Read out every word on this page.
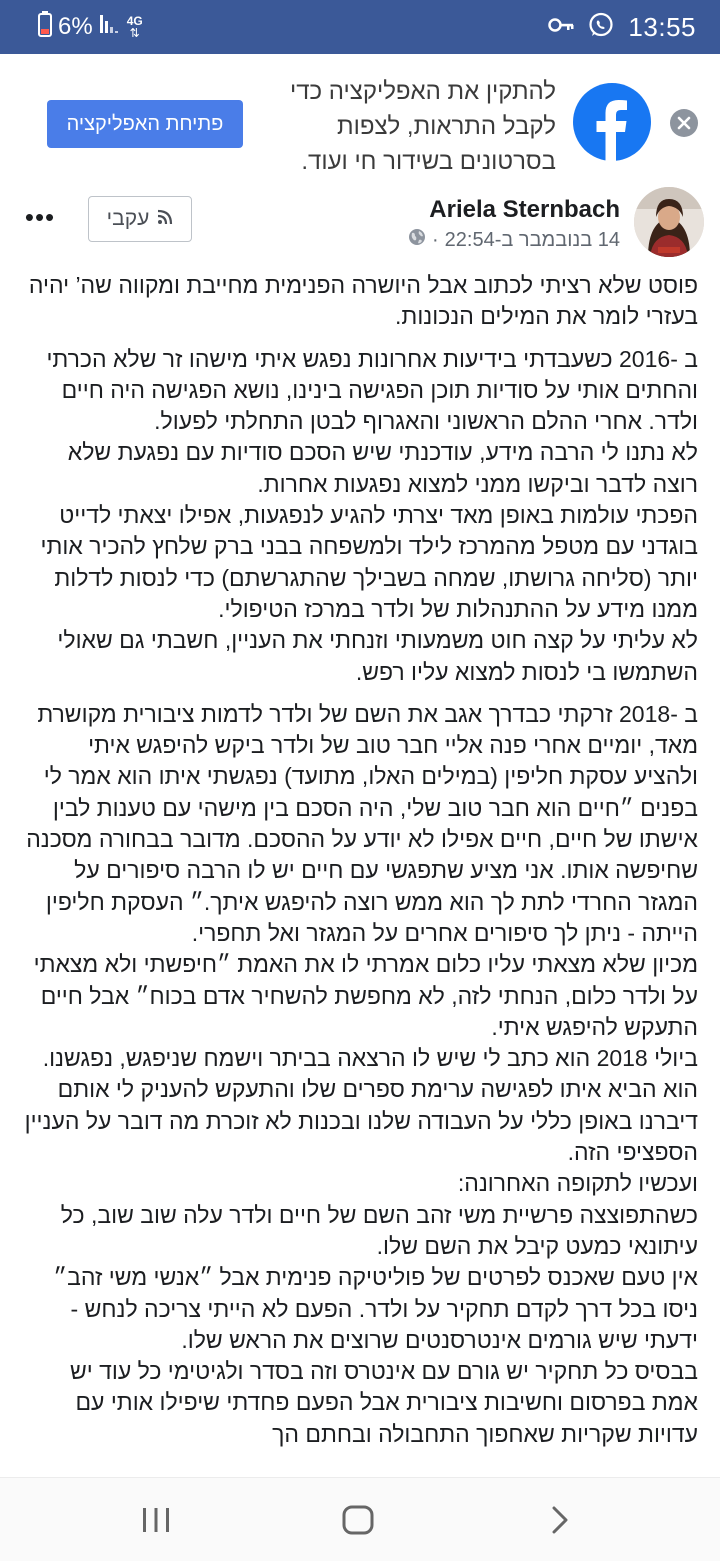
6%	4G
⇅	13:55
פתיחת האפליקציה
להתקין את האפליקציה כדי לקבל התראות, לצפות בסרטונים בשידור חי ועוד.
Ariela Sternbach
14 בנובמבר ב-22:54
·
עקבי
•••

פוסט שלא רציתי לכתוב אבל היושרה הפנימית מחייבת ומקווה שה’ יהיה בעזרי לומר את המילים הנכונות.

ב -2016 כשעבדתי בידיעות אחרונות נפגש איתי מישהו זר שלא הכרתי והחתים אותי על סודיות תוכן הפגישה בינינו, נושא הפגישה היה חיים ולדר. אחרי ההלם הראשוני והאגרוף לבטן התחלתי לפעול.

לא נתנו לי הרבה מידע, עודכנתי שיש הסכם סודיות עם נפגעת שלא רוצה לדבר וביקשו ממני למצוא נפגעות אחרות.

הפכתי עולמות באופן מאד יצרתי להגיע לנפגעות, אפילו יצאתי לדייט בוגדני עם מטפל מהמרכז לילד ולמשפחה בבני ברק שלחץ להכיר אותי יותר (סליחה גרושתו, שמחה בשבילך שהתגרשתם) כדי לנסות לדלות ממנו מידע על ההתנהלות של ולדר במרכז הטיפולי.

לא עליתי על קצה חוט משמעותי וזנחתי את העניין, חשבתי גם שאולי השתמשו בי לנסות למצוא עליו רפש.

ב -2018 זרקתי כבדרך אגב את השם של ולדר לדמות ציבורית מקושרת מאד, יומיים אחרי פנה אליי חבר טוב של ולדר ביקש להיפגש איתי ולהציע עסקת חליפין (במילים האלו, מתועד) נפגשתי איתו הוא אמר לי בפנים ״חיים הוא חבר טוב שלי, היה הסכם בין מישהי עם טענות לבין אישתו של חיים, חיים אפילו לא יודע על ההסכם. מדובר בבחורה מסכנה שחיפשה אותו. אני מציע שתפגשי עם חיים יש לו הרבה סיפורים על המגזר החרדי לתת לך הוא ממש רוצה להיפגש איתך.״ העסקת חליפין הייתה - ניתן לך סיפורים אחרים על המגזר ואל תחפרי.

מכיון שלא מצאתי עליו כלום אמרתי לו את האמת ״חיפשתי ולא מצאתי על ולדר כלום, הנחתי לזה, לא מחפשת להשחיר אדם בכוח״ אבל חיים התעקש להיפגש איתי.

ביולי 2018 הוא כתב לי שיש לו הרצאה בביתר וישמח שניפגש, נפגשנו. הוא הביא איתו לפגישה ערימת ספרים שלו והתעקש להעניק לי אותם דיברנו באופן כללי על העבודה שלנו ובכנות לא זוכרת מה דובר על העניין הספציפי הזה.

ועכשיו לתקופה האחרונה:

כשהתפוצצה פרשיית משי זהב השם של חיים ולדר עלה שוב שוב, כל עיתונאי כמעט קיבל את השם שלו.

אין טעם שאכנס לפרטים של פוליטיקה פנימית אבל ״אנשי משי זהב״ ניסו בכל דרך לקדם תחקיר על ולדר. הפעם לא הייתי צריכה לנחש - ידעתי שיש גורמים אינטרסנטים שרוצים את הראש שלו.

בבסיס כל תחקיר יש גורם עם אינטרס וזה בסדר ולגיטימי כל עוד יש אמת בפרסום וחשיבות ציבורית אבל הפעם פחדתי שיפילו אותי עם עדויות שקריות שאחפוך התחבולה ובחתם הך
